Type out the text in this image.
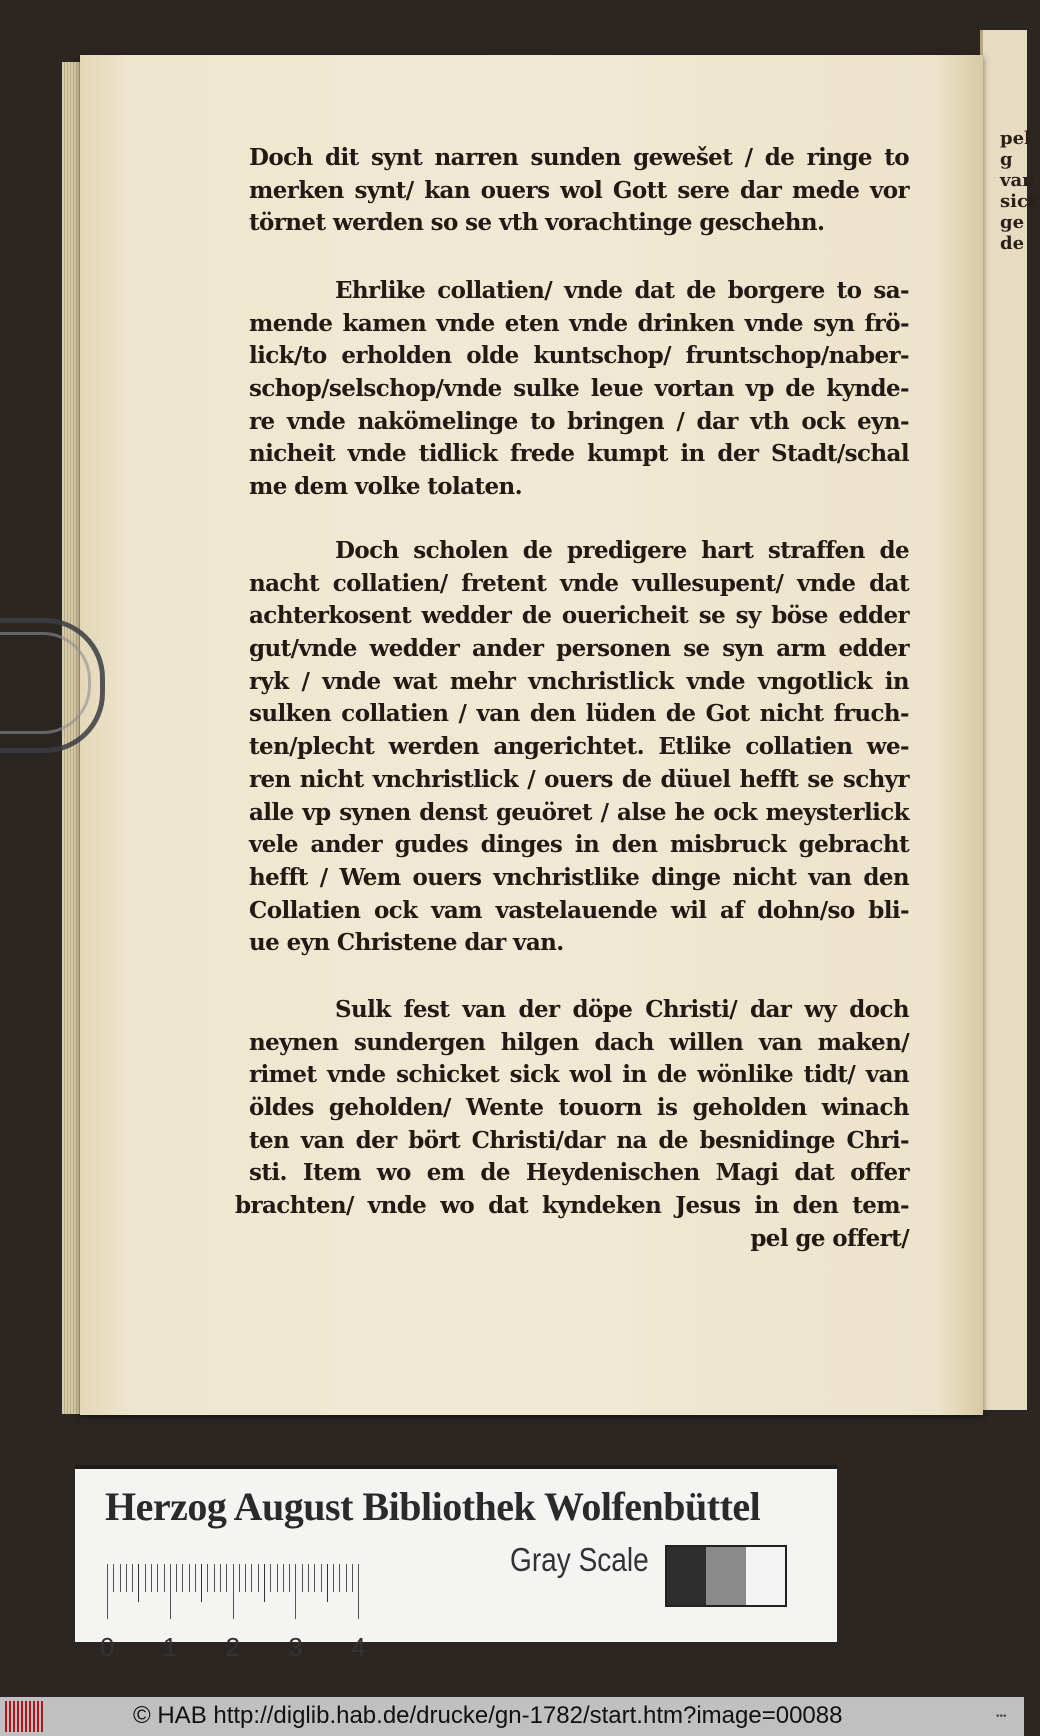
pel g
van
sick
ge
de
Doch dit synt narren sunden gewešet / de ringe to
merken synt/ kan ouers wol Gott sere dar mede vor
törnet werden so se vth vorachtinge geschehn.
Ehrlike collatien/ vnde dat de borgere to sa-
mende kamen vnde eten vnde drinken vnde syn frö-
lick/to erholden olde kuntschop/ fruntschop/naber-
schop/selschop/vnde sulke leue vortan vp de kynde-
re vnde nakömelinge to bringen / dar vth ock eyn-
nicheit vnde tidlick frede kumpt in der Stadt/schal
me dem volke tolaten.
Doch scholen de predigere hart straffen de
nacht collatien/ fretent vnde vullesupent/ vnde dat
achterkosent wedder de ouericheit se sy böse edder
gut/vnde wedder ander personen se syn arm edder
ryk / vnde wat mehr vnchristlick vnde vngotlick in
sulken collatien / van den lüden de Got nicht fruch-
ten/plecht werden angerichtet. Etlike collatien we-
ren nicht vnchristlick / ouers de düuel hefft se schyr
alle vp synen denst geuöret / alse he ock meysterlick
vele ander gudes dinges in den misbruck gebracht
hefft / Wem ouers vnchristlike dinge nicht van den
Collatien ock vam vastelauende wil af dohn/so bli-
ue eyn Christene dar van.
Sulk fest van der döpe Christi/ dar wy doch
neynen sundergen hilgen dach willen van maken/
rimet vnde schicket sick wol in de wönlike tidt/ van
öldes geholden/ Wente touorn is geholden winach
ten van der bört Christi/dar na de besnidinge Chri-
sti. Item wo em de Heydenischen Magi dat offer
brachten/ vnde wo dat kyndeken Jesus in den tem-
pel ge offert/
Herzog August Bibliothek Wolfenbüttel
0 1 2 3 4
Gray Scale
© HAB http://diglib.hab.de/drucke/gn-1782/start.htm?image=00088	•••
